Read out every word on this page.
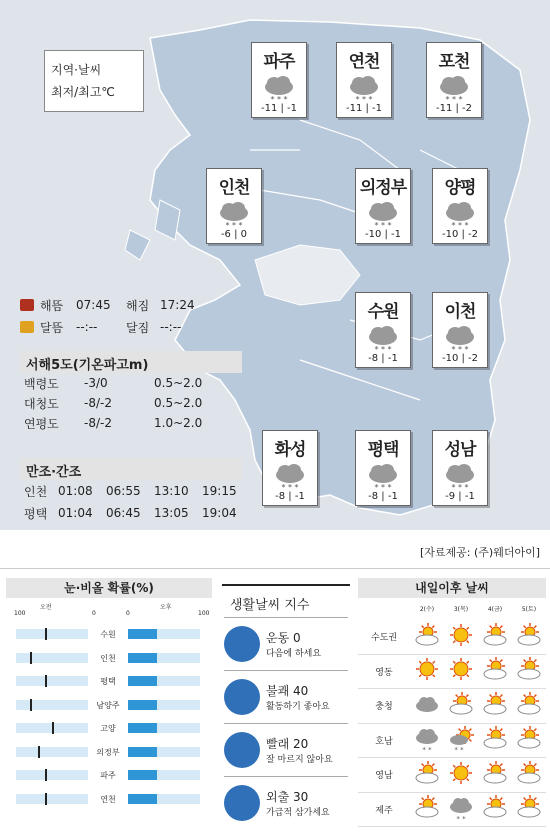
지역·날씨
최저/최고℃
파주
* * *
-11 | -1
연천
* * *
-11 | -1
포천
* * *
-11 | -2
인천
* * *
-6 | 0
의정부
* * *
-10 | -1
양평
* * *
-10 | -2
수원
* * *
-8 | -1
이천
* * *
-10 | -2
화성
* * *
-8 | -1
평택
* * *
-8 | -1
성남
* * *
-9 | -1
해뜸	07:45	해짐 17:24
달뜸	--:--	달짐 --:--
서해5도(기온파고m)
백령도	-3/0	0.5~2.0
대청도	-8/-2	0.5~2.0
연평도	-8/-2	1.0~2.0
만조·간조
인천 01:08	06:55	13:10	19:15
평택 01:04	06:45	13:05	19:04
[자료제공: (주)웨더아이]
눈·비올 확률(%)
100
오전
0	0
오후
100
수원
인천
평택
남양주
고양
의정부
파주
연천
생활날씨 지수
운동 0
다음에 하세요
불쾌 40
활동하기 좋아요
빨래 20
잘 마르지 않아요
외출 30
가급적 삼가세요
내일이후 날씨
2(수)	3(목)	4(금)	5(토)
수도권
영동
충청
호남
* *	* *
영남
제주
* *
